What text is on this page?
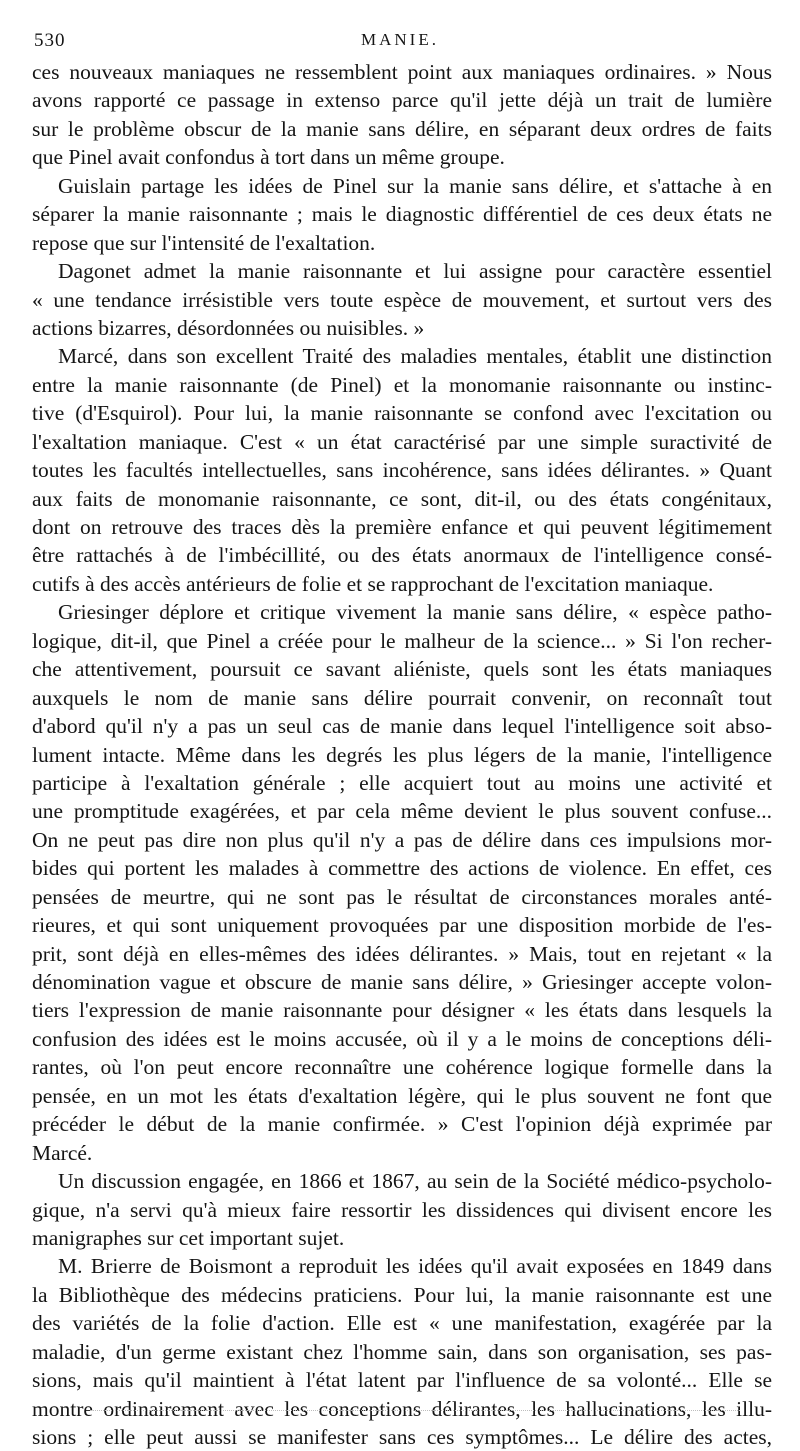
530	MANIE.
ces nouveaux maniaques ne ressemblent point aux maniaques ordinaires. » Nous
avons rapporté ce passage in extenso parce qu'il jette déjà un trait de lumière
sur le problème obscur de la manie sans délire, en séparant deux ordres de faits
que Pinel avait confondus à tort dans un même groupe.
Guislain partage les idées de Pinel sur la manie sans délire, et s'attache à en
séparer la manie raisonnante ; mais le diagnostic différentiel de ces deux états ne
repose que sur l'intensité de l'exaltation.
Dagonet admet la manie raisonnante et lui assigne pour caractère essentiel
« une tendance irrésistible vers toute espèce de mouvement, et surtout vers des
actions bizarres, désordonnées ou nuisibles. »
Marcé, dans son excellent Traité des maladies mentales, établit une distinction
entre la manie raisonnante (de Pinel) et la monomanie raisonnante ou instinc-
tive (d'Esquirol). Pour lui, la manie raisonnante se confond avec l'excitation ou
l'exaltation maniaque. C'est « un état caractérisé par une simple suractivité de
toutes les facultés intellectuelles, sans incohérence, sans idées délirantes. » Quant
aux faits de monomanie raisonnante, ce sont, dit-il, ou des états congénitaux,
dont on retrouve des traces dès la première enfance et qui peuvent légitimement
être rattachés à de l'imbécillité, ou des états anormaux de l'intelligence consé-
cutifs à des accès antérieurs de folie et se rapprochant de l'excitation maniaque.
Griesinger déplore et critique vivement la manie sans délire, « espèce patho-
logique, dit-il, que Pinel a créée pour le malheur de la science... » Si l'on recher-
che attentivement, poursuit ce savant aliéniste, quels sont les états maniaques
auxquels le nom de manie sans délire pourrait convenir, on reconnaît tout
d'abord qu'il n'y a pas un seul cas de manie dans lequel l'intelligence soit abso-
lument intacte. Même dans les degrés les plus légers de la manie, l'intelligence
participe à l'exaltation générale ; elle acquiert tout au moins une activité et
une promptitude exagérées, et par cela même devient le plus souvent confuse...
On ne peut pas dire non plus qu'il n'y a pas de délire dans ces impulsions mor-
bides qui portent les malades à commettre des actions de violence. En effet, ces
pensées de meurtre, qui ne sont pas le résultat de circonstances morales anté-
rieures, et qui sont uniquement provoquées par une disposition morbide de l'es-
prit, sont déjà en elles-mêmes des idées délirantes. » Mais, tout en rejetant « la
dénomination vague et obscure de manie sans délire, » Griesinger accepte volon-
tiers l'expression de manie raisonnante pour désigner « les états dans lesquels la
confusion des idées est le moins accusée, où il y a le moins de conceptions déli-
rantes, où l'on peut encore reconnaître une cohérence logique formelle dans la
pensée, en un mot les états d'exaltation légère, qui le plus souvent ne font que
précéder le début de la manie confirmée. » C'est l'opinion déjà exprimée par
Marcé.
Un discussion engagée, en 1866 et 1867, au sein de la Société médico-psycholo-
gique, n'a servi qu'à mieux faire ressortir les dissidences qui divisent encore les
manigraphes sur cet important sujet.
M. Brierre de Boismont a reproduit les idées qu'il avait exposées en 1849 dans
la Bibliothèque des médecins praticiens. Pour lui, la manie raisonnante est une
des variétés de la folie d'action. Elle est « une manifestation, exagérée par la
maladie, d'un germe existant chez l'homme sain, dans son organisation, ses pas-
sions, mais qu'il maintient à l'état latent par l'influence de sa volonté... Elle se
montre ordinairement avec les conceptions délirantes, les hallucinations, les illu-
sions ; elle peut aussi se manifester sans ces symptômes... Le délire des actes,
